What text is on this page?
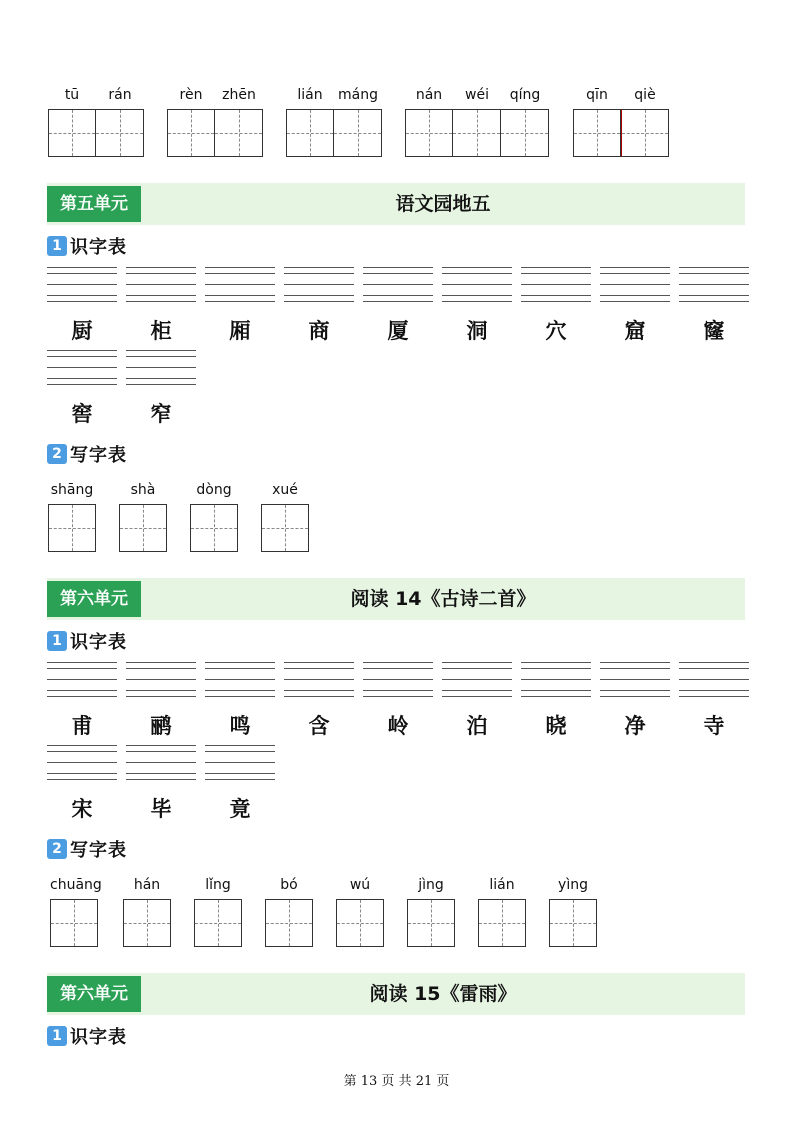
tū	rán	rèn	zhēn	lián	máng	nán	wéi	qíng	qīn	qiè
第五单元	语文园地五
1 识字表
厨	柜	厢	商	厦	洞	穴	窟	窿
窖	窄
2 写字表
shāng	shà	dòng	xué
第六单元	阅读 14《古诗二首》
1 识字表
甫	鹂	鸣	含	岭	泊	晓	净	寺
宋	毕	竟
2 写字表
chuāng	hán	lǐng	bó	wú	jìng	lián	yìng
第六单元	阅读 15《雷雨》
1 识字表
第 13 页 共 21 页
